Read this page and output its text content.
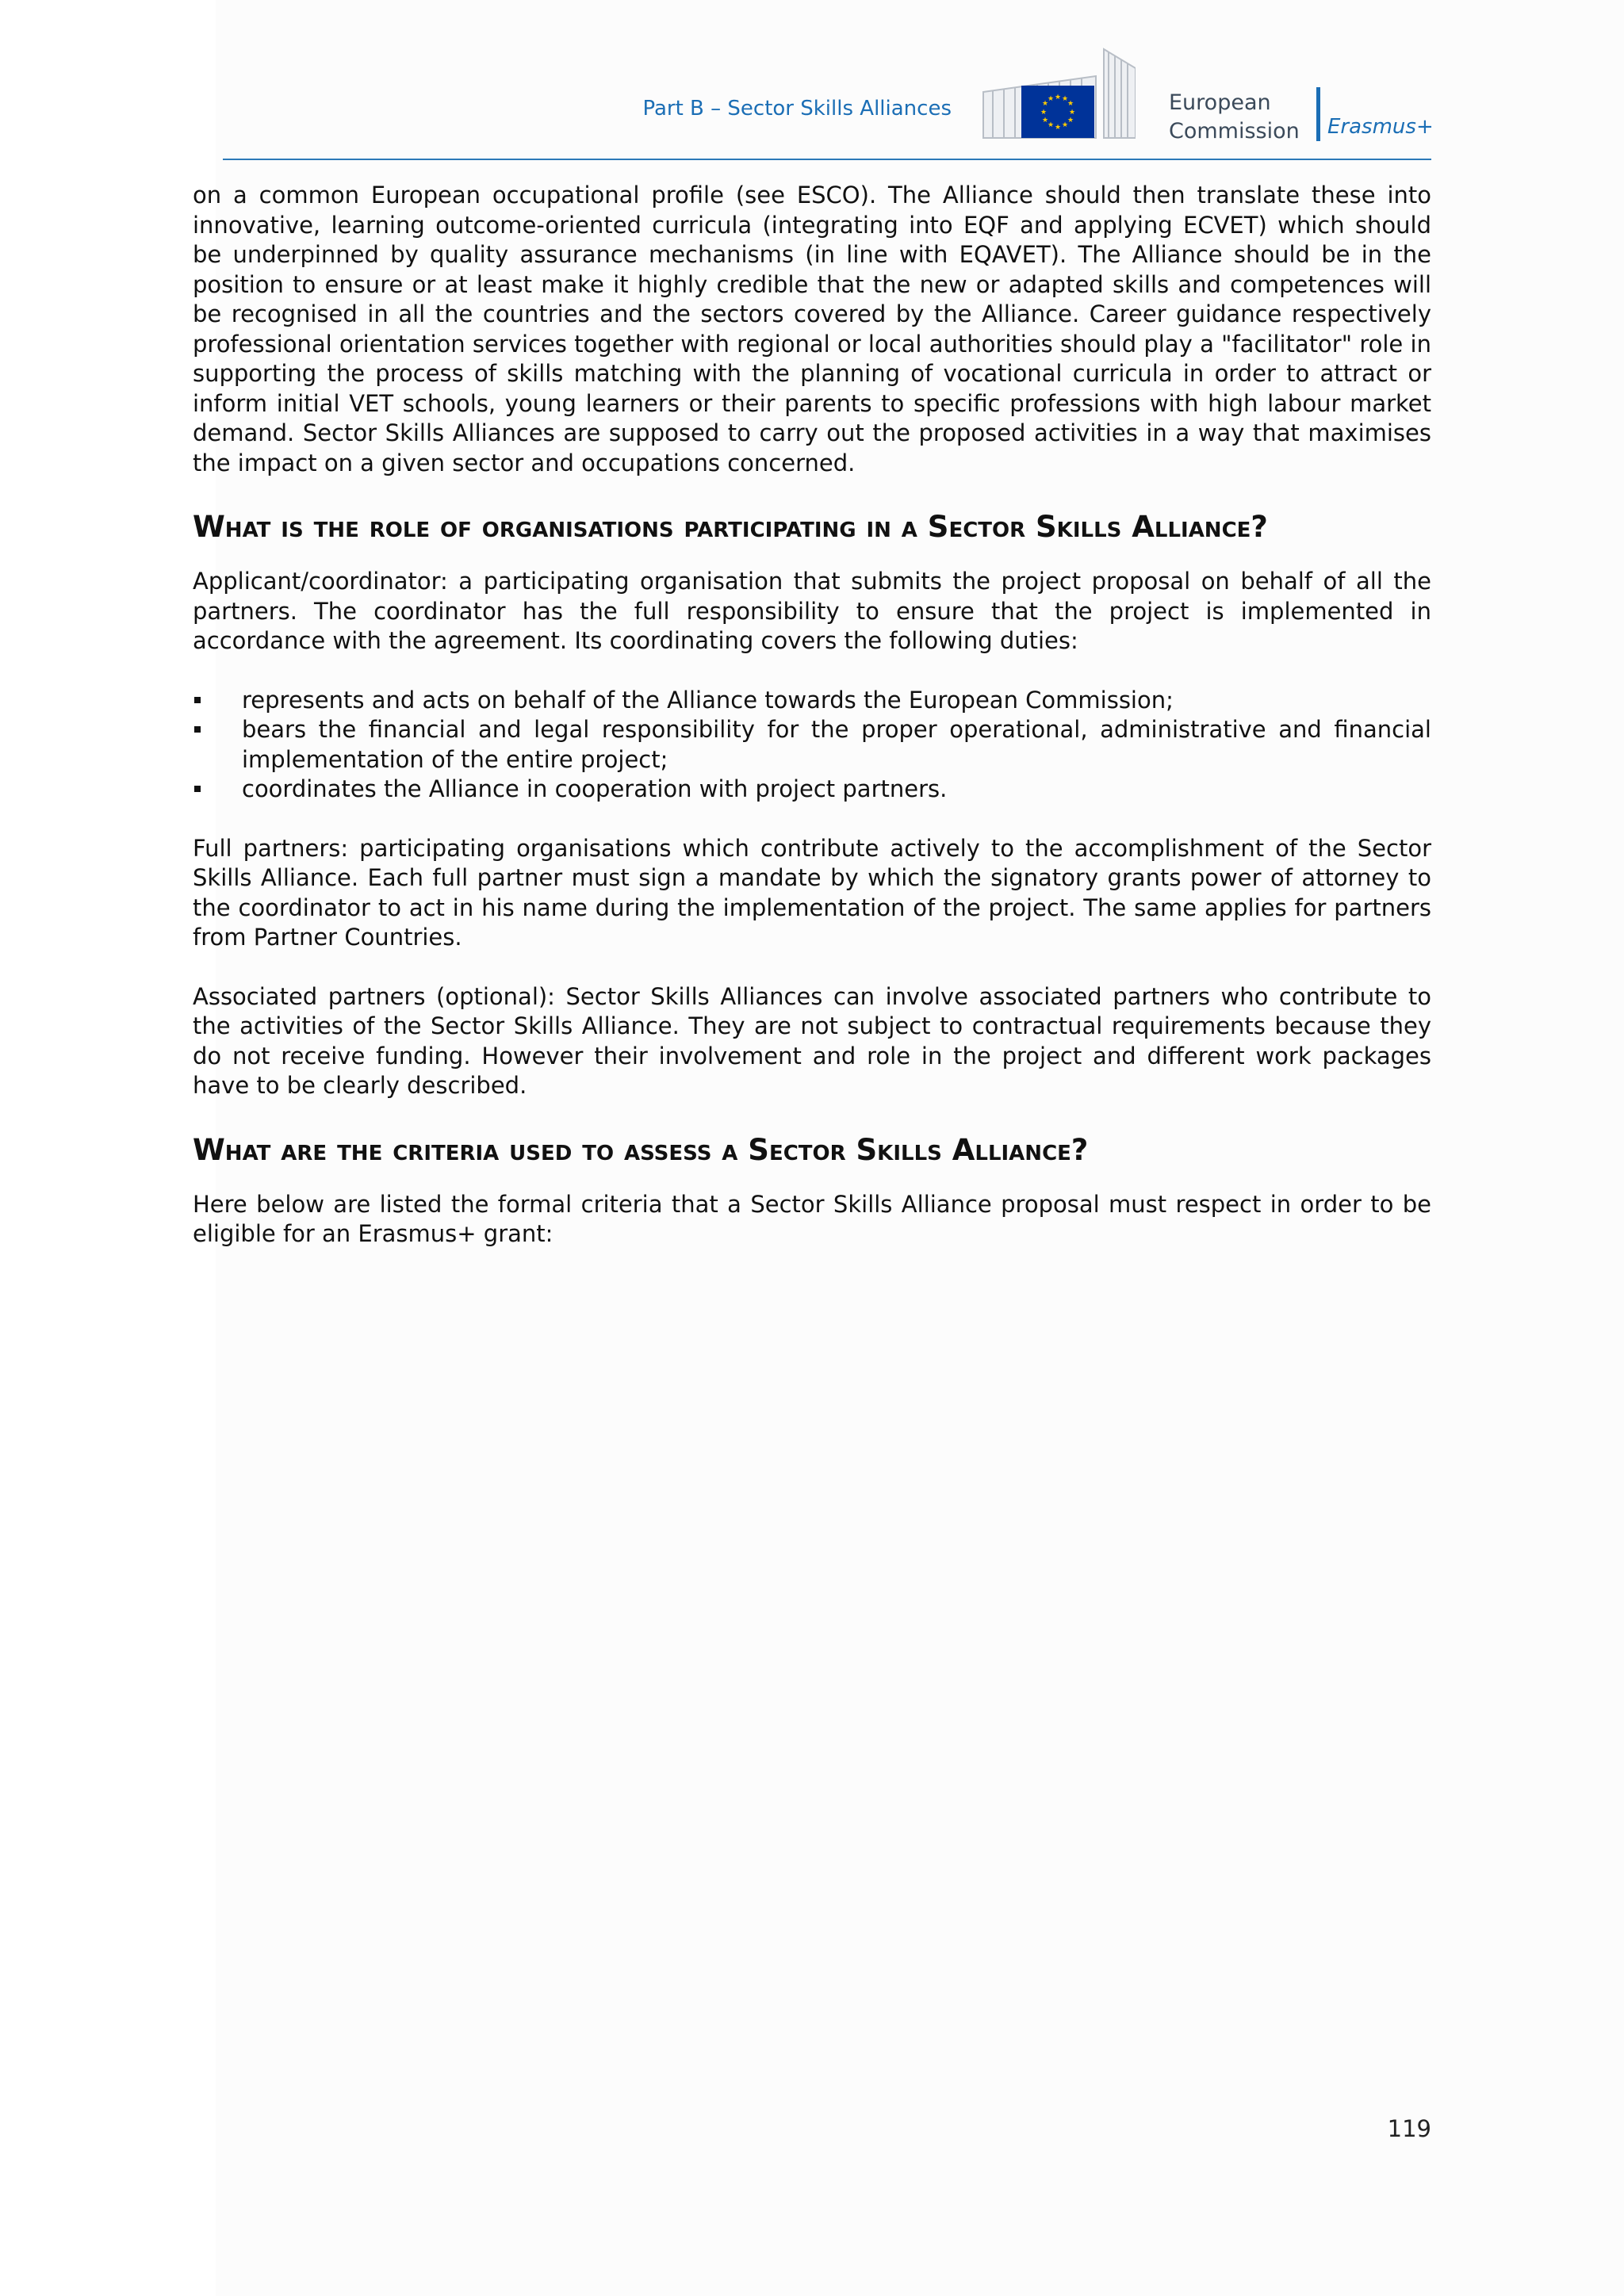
Part B – Sector Skills Alliances	★ ★
★
★
★
★
★
★
★
★
★
★	European
Commission Erasmus+

on a common European occupational profile (see ESCO). The Alliance should then translate these into innovative, learning outcome-oriented curricula (integrating into EQF and applying ECVET) which should be underpinned by quality assurance mechanisms (in line with EQAVET). The Alliance should be in the position to ensure or at least make it highly credible that the new or adapted skills and competences will be recognised in all the countries and the sectors covered by the Alliance. Career guidance respectively professional orientation services together with regional or local authorities should play a "facilitator" role in supporting the process of skills matching with the planning of vocational curricula in order to attract or inform initial VET schools, young learners or their parents to specific professions with high labour market demand. Sector Skills Alliances are supposed to carry out the proposed activities in a way that maximises the impact on a given sector and occupations concerned.

What is the role of organisations participating in a Sector Skills Alliance?

Applicant/coordinator: a participating organisation that submits the project proposal on behalf of all the partners. The coordinator has the full responsibility to ensure that the project is implemented in accordance with the agreement. Its coordinating covers the following duties:

represents and acts on behalf of the Alliance towards the European Commission;
bears the financial and legal responsibility for the proper operational, administrative and financial implementation of the entire project;
coordinates the Alliance in cooperation with project partners.

Full partners: participating organisations which contribute actively to the accomplishment of the Sector Skills Alliance. Each full partner must sign a mandate by which the signatory grants power of attorney to the coordinator to act in his name during the implementation of the project. The same applies for partners from Partner Countries.

Associated partners (optional): Sector Skills Alliances can involve associated partners who contribute to the activities of the Sector Skills Alliance. They are not subject to contractual requirements because they do not receive funding. However their involvement and role in the project and different work packages have to be clearly described.

What are the criteria used to assess a Sector Skills Alliance?

Here below are listed the formal criteria that a Sector Skills Alliance proposal must respect in order to be eligible for an Erasmus+ grant:

119
